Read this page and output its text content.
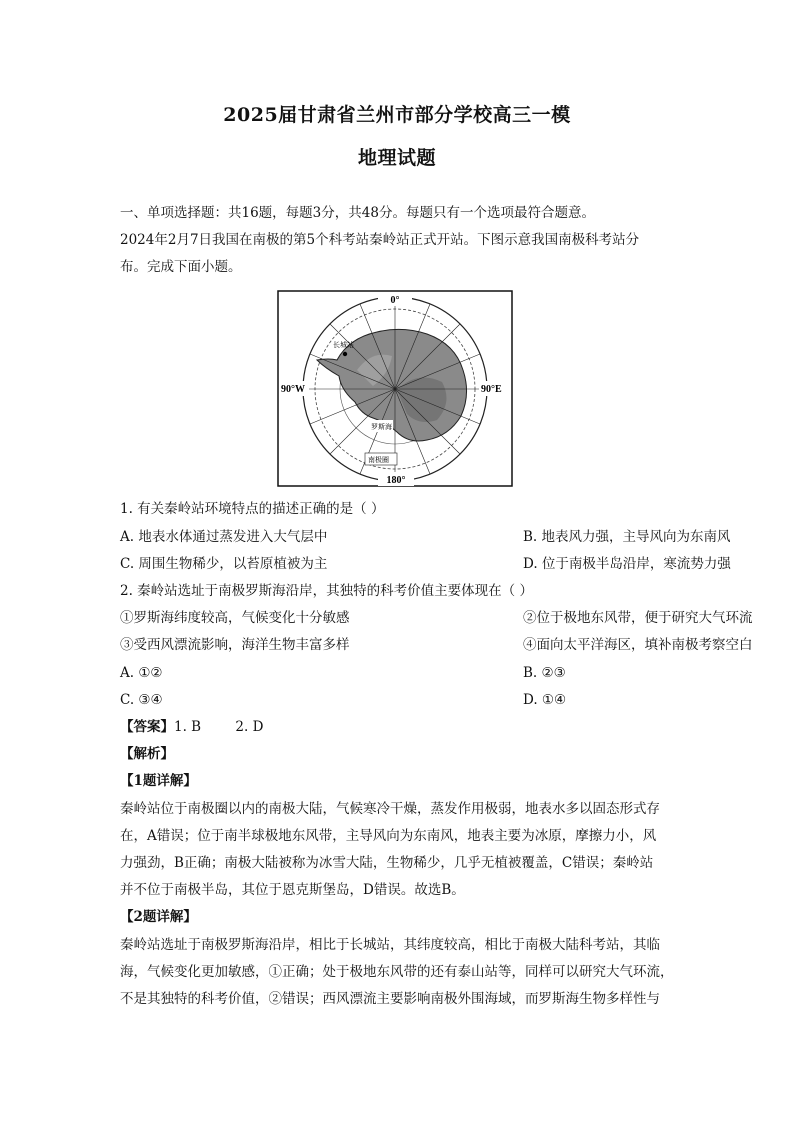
2025届甘肃省兰州市部分学校高三一模
地理试题
一、单项选择题：共16题，每题3分，共48分。每题只有一个选项最符合题意。
2024年2月7日我国在南极的第5个科考站秦岭站正式开站。下图示意我国南极科考站分
布。完成下面小题。
0°
90°W	90°E
180°
长城站
罗斯海
南极圈
1. 有关秦岭站环境特点的描述正确的是（ ）
A. 地表水体通过蒸发进入大气层中	B. 地表风力强，主导风向为东南风
C. 周围生物稀少，以苔原植被为主	D. 位于南极半岛沿岸，寒流势力强
2. 秦岭站选址于南极罗斯海沿岸，其独特的科考价值主要体现在（ ）
①罗斯海纬度较高，气候变化十分敏感	②位于极地东风带，便于研究大气环流
③受西风漂流影响，海洋生物丰富多样	④面向太平洋海区，填补南极考察空白
A. ①②	B. ②③
C. ③④	D. ①④
【答案】1. B        2. D
【解析】
【1题详解】
秦岭站位于南极圈以内的南极大陆，气候寒冷干燥，蒸发作用极弱，地表水多以固态形式存
在，A错误；位于南半球极地东风带，主导风向为东南风，地表主要为冰原，摩擦力小，风
力强劲，B正确；南极大陆被称为冰雪大陆，生物稀少，几乎无植被覆盖，C错误；秦岭站
并不位于南极半岛，其位于恩克斯堡岛，D错误。故选B。
【2题详解】
秦岭站选址于南极罗斯海沿岸，相比于长城站，其纬度较高，相比于南极大陆科考站，其临
海，气候变化更加敏感，①正确；处于极地东风带的还有泰山站等，同样可以研究大气环流，
不是其独特的科考价值，②错误；西风漂流主要影响南极外围海域，而罗斯海生物多样性与
